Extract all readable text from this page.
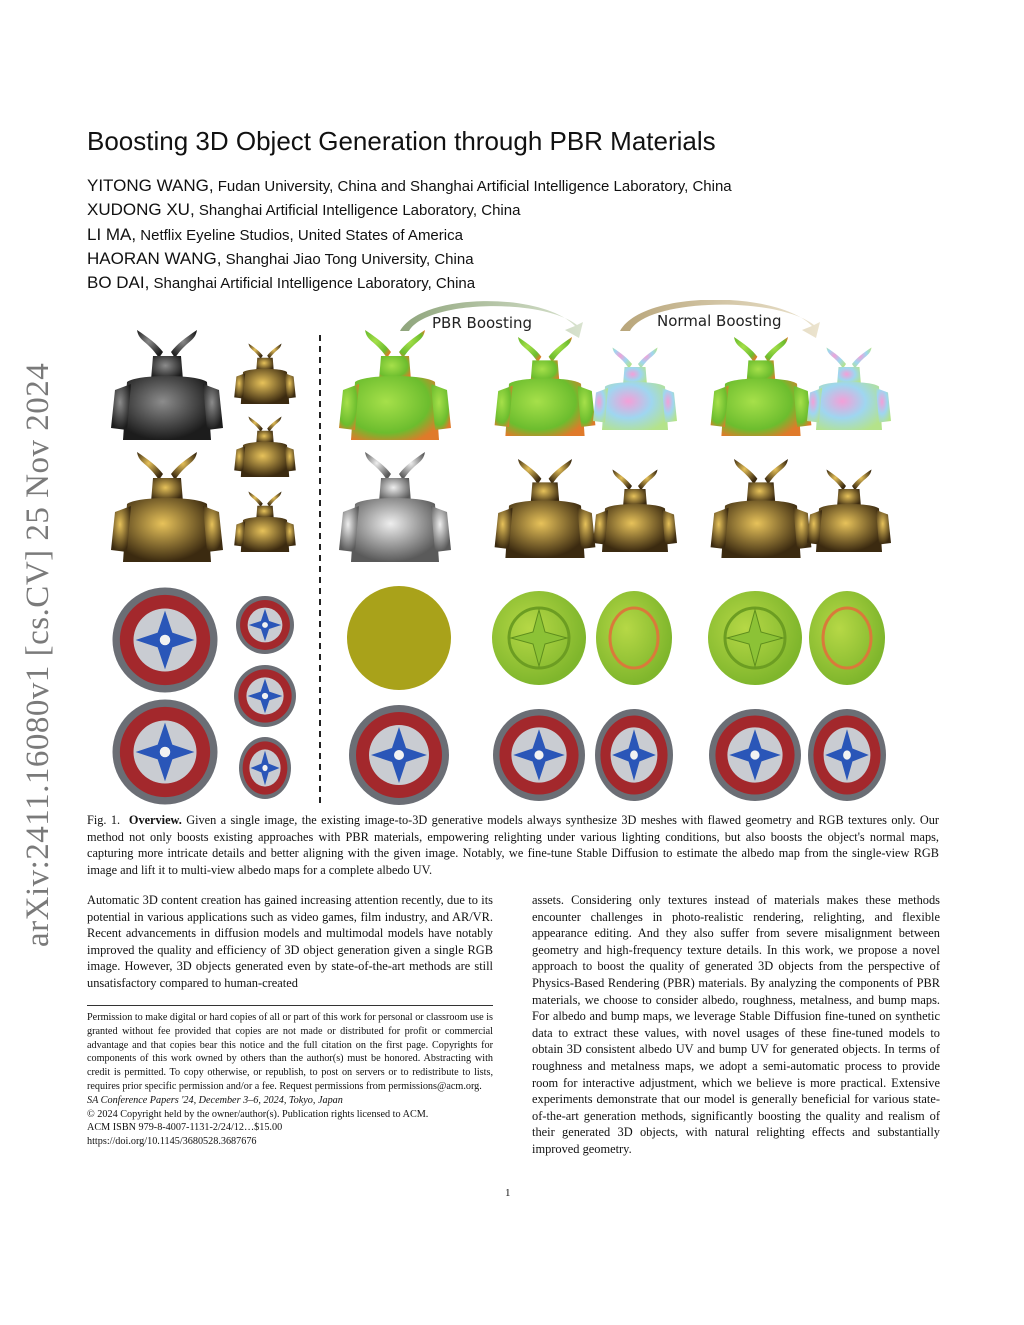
arXiv:2411.16080v1 [cs.CV] 25 Nov 2024
Boosting 3D Object Generation through PBR Materials
YITONG WANG, Fudan University, China and Shanghai Artificial Intelligence Laboratory, China
XUDONG XU, Shanghai Artificial Intelligence Laboratory, China
LI MA, Netflix Eyeline Studios, United States of America
HAORAN WANG, Shanghai Jiao Tong University, China
BO DAI, Shanghai Artificial Intelligence Laboratory, China
PBR Boosting	Normal Boosting
Fig. 1. Overview. Given a single image, the existing image-to-3D generative models always synthesize 3D meshes with flawed geometry and RGB textures only. Our method not only boosts existing approaches with PBR materials, empowering relighting under various lighting conditions, but also boosts the object's normal maps, capturing more intricate details and better aligning with the given image. Notably, we fine-tune Stable Diffusion to estimate the albedo map from the single-view RGB image and lift it to multi-view albedo maps for a complete albedo UV.
Automatic 3D content creation has gained increasing attention recently, due to its potential in various applications such as video games, film industry, and AR/VR. Recent advancements in diffusion models and multimodal models have notably improved the quality and efficiency of 3D object generation given a single RGB image. However, 3D objects generated even by state-of-the-art methods are still unsatisfactory compared to human-created
Permission to make digital or hard copies of all or part of this work for personal or classroom use is granted without fee provided that copies are not made or distributed for profit or commercial advantage and that copies bear this notice and the full citation on the first page. Copyrights for components of this work owned by others than the author(s) must be honored. Abstracting with credit is permitted. To copy otherwise, or republish, to post on servers or to redistribute to lists, requires prior specific permission and/or a fee. Request permissions from permissions@acm.org.
SA Conference Papers '24, December 3–6, 2024, Tokyo, Japan
© 2024 Copyright held by the owner/author(s). Publication rights licensed to ACM.
ACM ISBN 979-8-4007-1131-2/24/12…$15.00
https://doi.org/10.1145/3680528.3687676
assets. Considering only textures instead of materials makes these methods encounter challenges in photo-realistic rendering, relighting, and flexible appearance editing. And they also suffer from severe misalignment between geometry and high-frequency texture details. In this work, we propose a novel approach to boost the quality of generated 3D objects from the perspective of Physics-Based Rendering (PBR) materials. By analyzing the components of PBR materials, we choose to consider albedo, roughness, metalness, and bump maps. For albedo and bump maps, we leverage Stable Diffusion fine-tuned on synthetic data to extract these values, with novel usages of these fine-tuned models to obtain 3D consistent albedo UV and bump UV for generated objects. In terms of roughness and metalness maps, we adopt a semi-automatic process to provide room for interactive adjustment, which we believe is more practical. Extensive experiments demonstrate that our model is generally beneficial for various state-of-the-art generation methods, significantly boosting the quality and realism of their generated 3D objects, with natural relighting effects and substantially improved geometry.
1
